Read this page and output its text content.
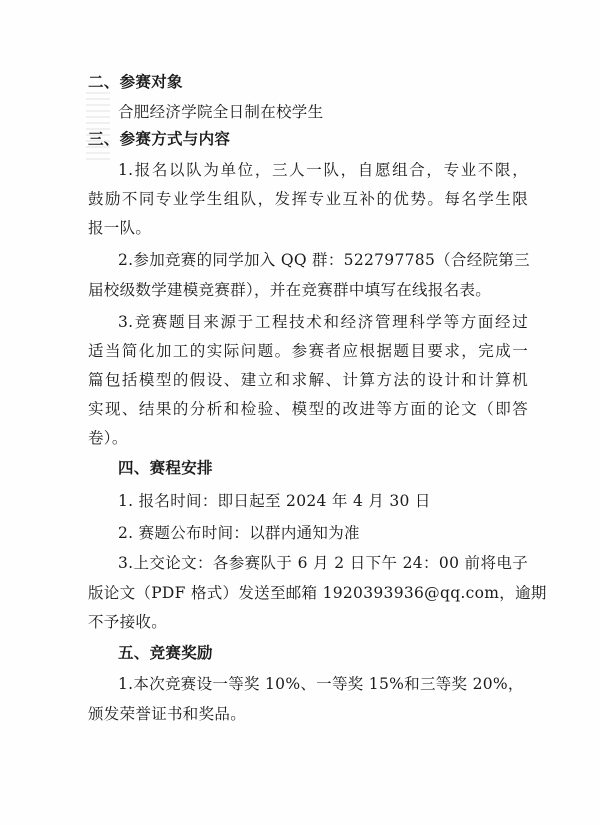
二、参赛对象
合肥经济学院全日制在校学生
三、参赛方式与内容
1.报名以队为单位，三人一队，自愿组合，专业不限，
鼓励不同专业学生组队，发挥专业互补的优势。每名学生限
报一队。
2.参加竞赛的同学加入 QQ 群：522797785（合经院第三
届校级数学建模竞赛群），并在竞赛群中填写在线报名表。
3.竞赛题目来源于工程技术和经济管理科学等方面经过
适当简化加工的实际问题。参赛者应根据题目要求，完成一
篇包括模型的假设、建立和求解、计算方法的设计和计算机
实现、结果的分析和检验、模型的改进等方面的论文（即答
卷）。
四、赛程安排
1. 报名时间：即日起至 2024 年 4 月 30 日
2. 赛题公布时间：以群内通知为准
3.上交论文：各参赛队于 6 月 2 日下午 24：00 前将电子
版论文（PDF 格式）发送至邮箱 1920393936@qq.com，逾期
不予接收。
五、竞赛奖励
1.本次竞赛设一等奖 10%、一等奖 15%和三等奖 20%，
颁发荣誉证书和奖品。
